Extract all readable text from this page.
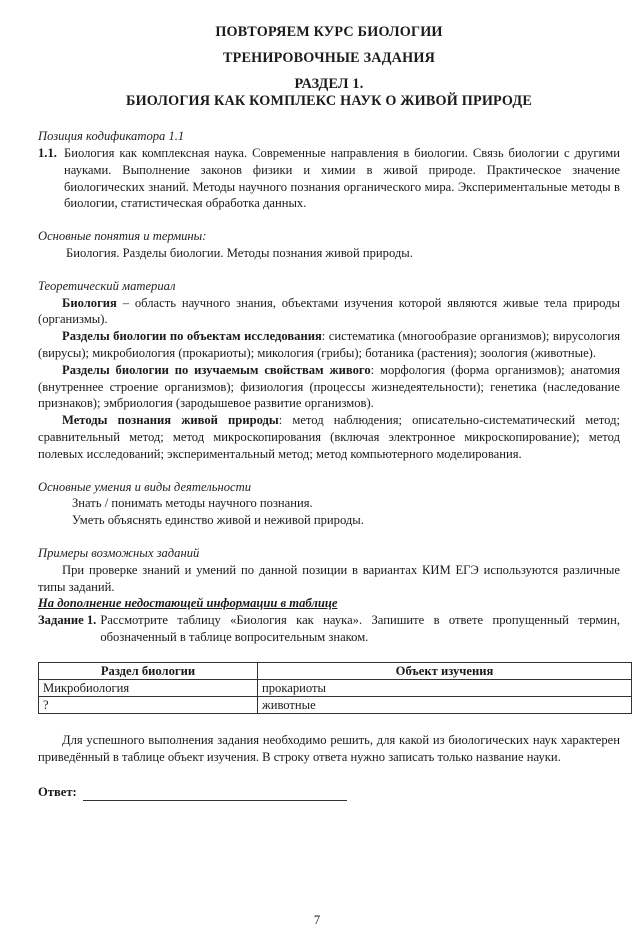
ПОВТОРЯЕМ КУРС БИОЛОГИИ
ТРЕНИРОВОЧНЫЕ ЗАДАНИЯ
РАЗДЕЛ 1.
БИОЛОГИЯ КАК КОМПЛЕКС НАУК О ЖИВОЙ ПРИРОДЕ
Позиция кодификатора 1.1
1.1. Биология как комплексная наука. Современные направления в биологии. Связь биологии с другими науками. Выполнение законов физики и химии в живой природе. Практическое значение биологических знаний. Методы научного познания органического мира. Экспериментальные методы в биологии, статистическая обработка данных.
Основные понятия и термины:
Биология. Разделы биологии. Методы познания живой природы.
Теоретический материал
Биология – область научного знания, объектами изучения которой являются живые тела природы (организмы).
Разделы биологии по объектам исследования: систематика (многообразие организмов); вирусология (вирусы); микробиология (прокариоты); микология (грибы); ботаника (растения); зоология (животные).
Разделы биологии по изучаемым свойствам живого: морфология (форма организмов); анатомия (внутреннее строение организмов); физиология (процессы жизнедеятельности); генетика (наследование признаков); эмбриология (зародышевое развитие организмов).
Методы познания живой природы: метод наблюдения; описательно-систематический метод; сравнительный метод; метод микроскопирования (включая электронное микроскопирование); метод полевых исследований; экспериментальный метод; метод компьютерного моделирования.
Основные умения и виды деятельности
Знать / понимать методы научного познания.
Уметь объяснять единство живой и неживой природы.
Примеры возможных заданий
При проверке знаний и умений по данной позиции в вариантах КИМ ЕГЭ используются различные типы заданий.
На дополнение недостающей информации в таблице
Задание 1. Рассмотрите таблицу «Биология как наука». Запишите в ответе пропущенный термин, обозначенный в таблице вопросительным знаком.
Раздел биологии	Объект изучения
Микробиология	прокариоты
?	животные
Для успешного выполнения задания необходимо решить, для какой из биологических наук характерен приведённый в таблице объект изучения. В строку ответа нужно записать только название науки.
Ответ:
7
